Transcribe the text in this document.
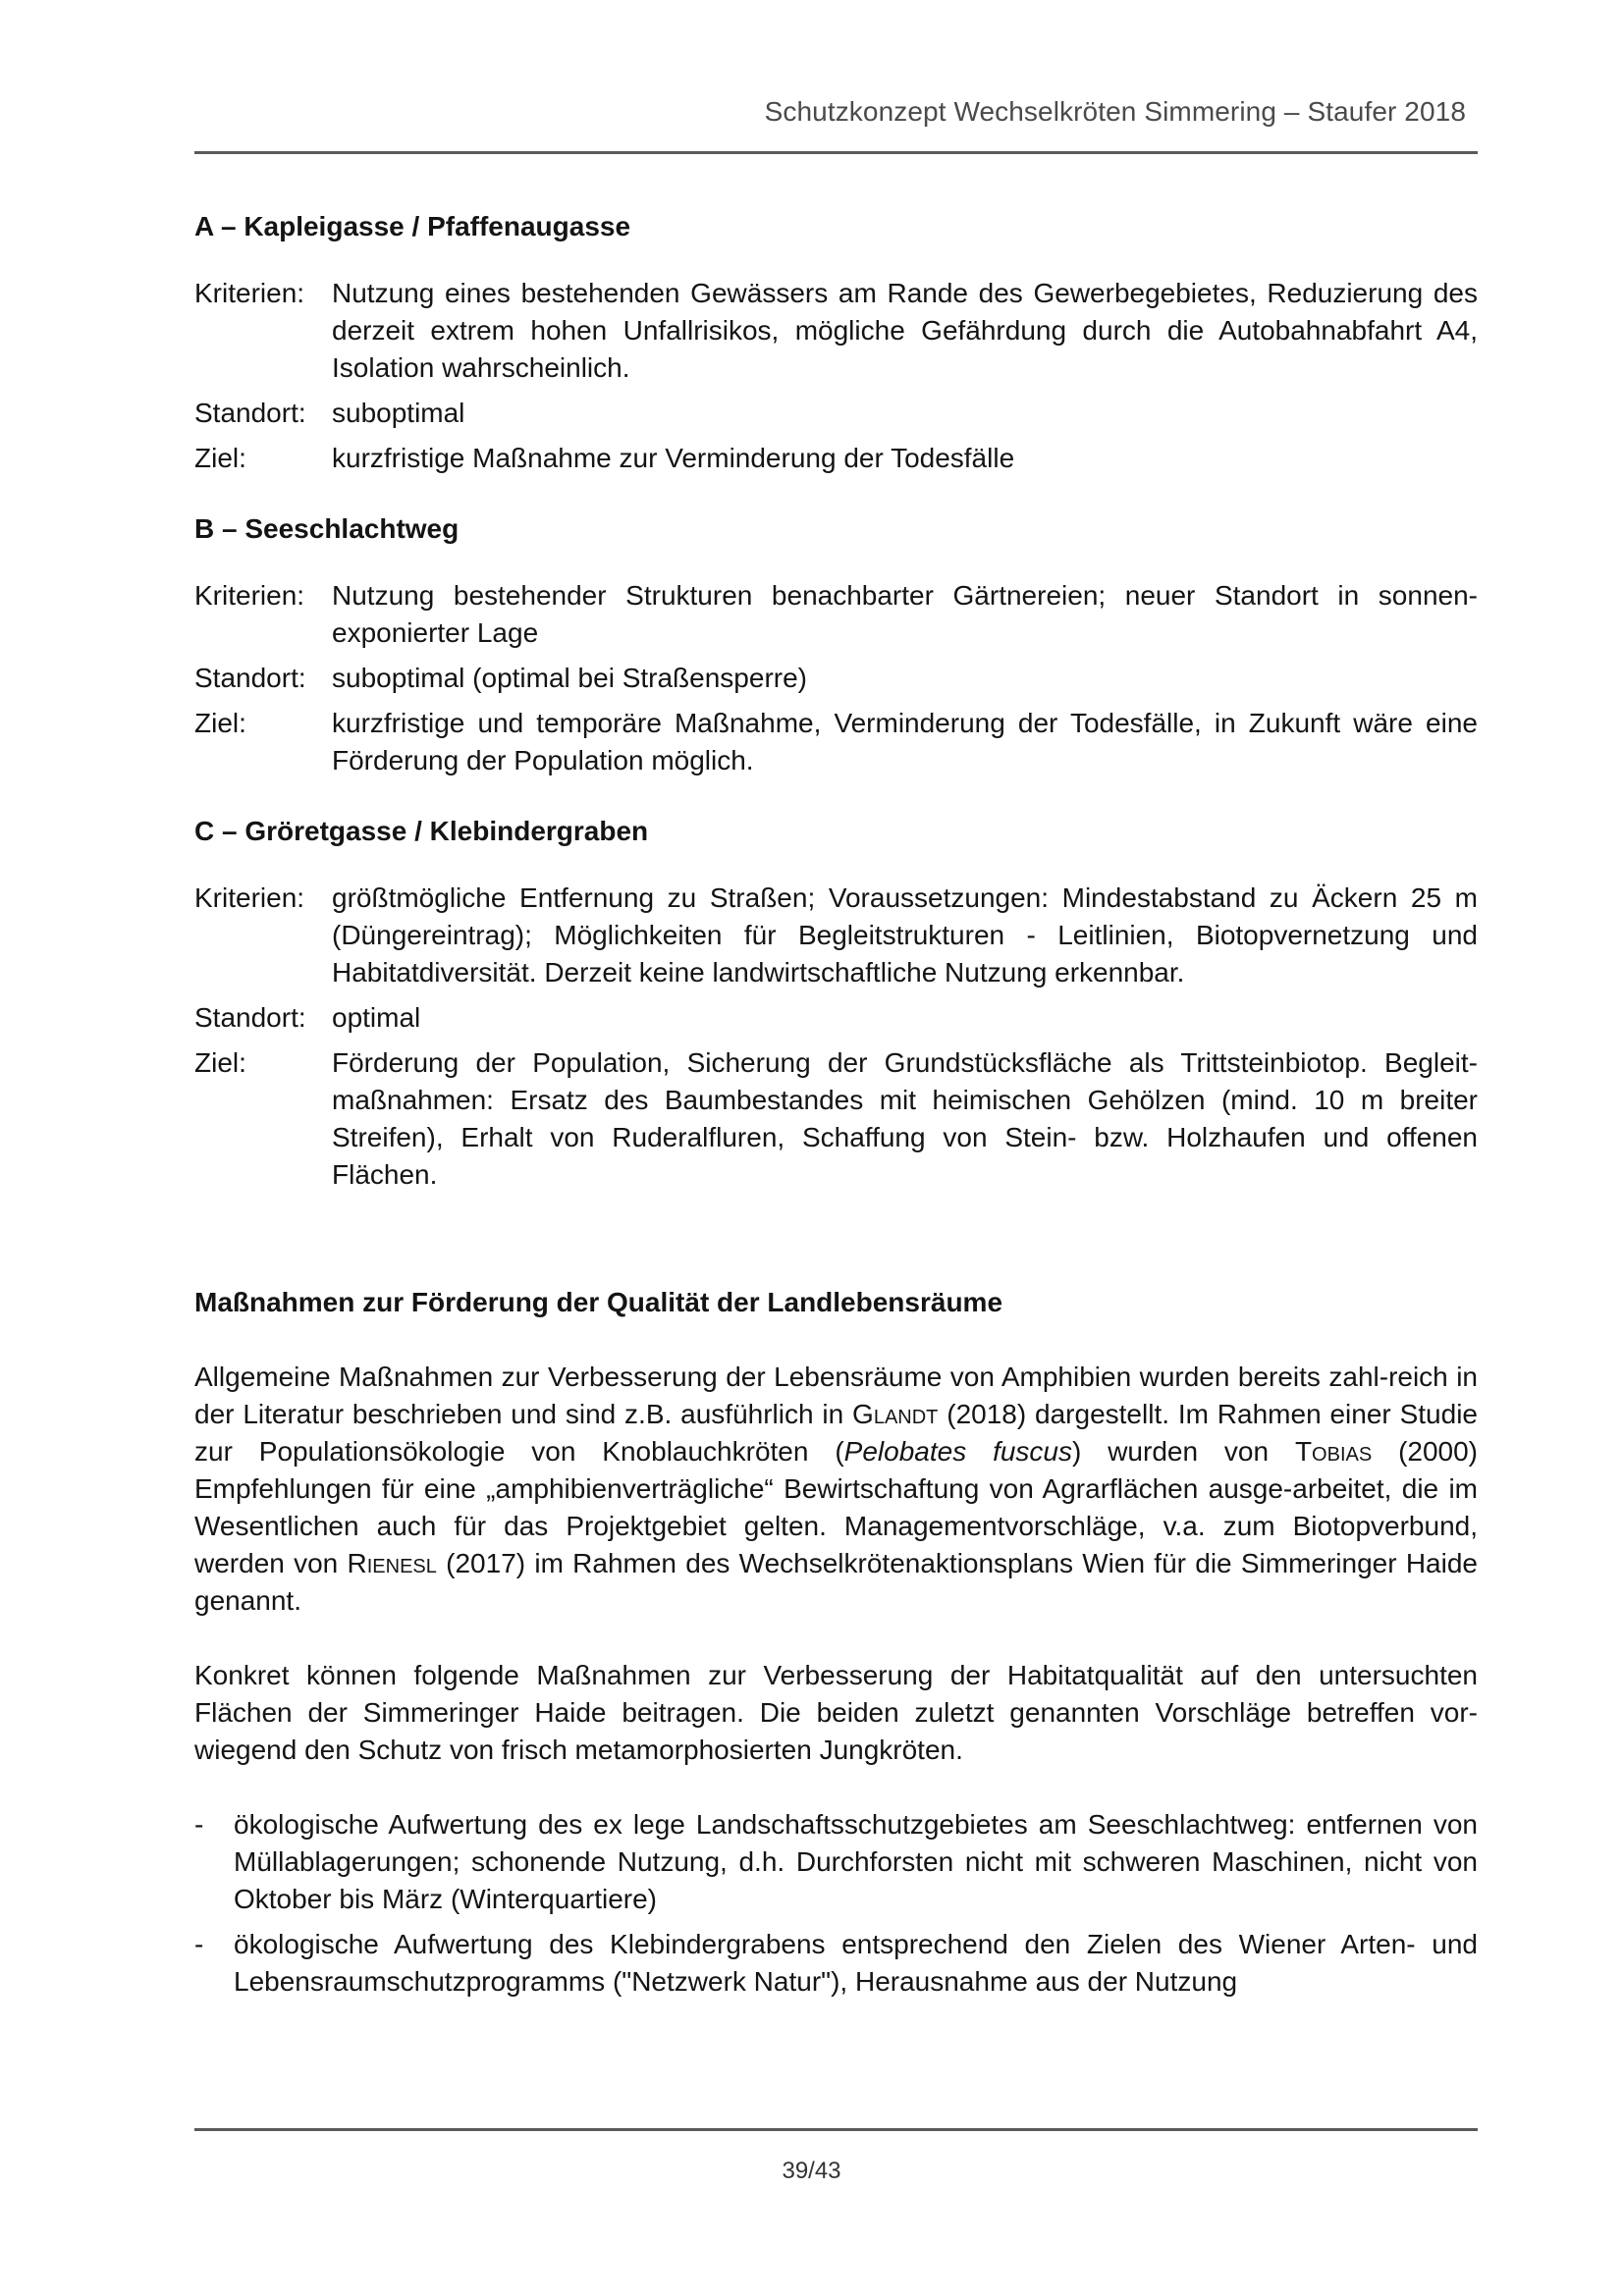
Schutzkonzept Wechselkröten Simmering – Staufer 2018
A – Kapleigasse / Pfaffenaugasse
Kriterien: Nutzung eines bestehenden Gewässers am Rande des Gewerbegebietes, Reduzierung des derzeit extrem hohen Unfallrisikos, mögliche Gefährdung durch die Autobahnabfahrt A4, Isolation wahrscheinlich.
Standort: suboptimal
Ziel:	kurzfristige Maßnahme zur Verminderung der Todesfälle
B – Seeschlachtweg
Kriterien: Nutzung bestehender Strukturen benachbarter Gärtnereien; neuer Standort in sonnen-exponierter Lage
Standort: suboptimal (optimal bei Straßensperre)
Ziel:	kurzfristige und temporäre Maßnahme, Verminderung der Todesfälle, in Zukunft wäre eine Förderung der Population möglich.
C – Gröretgasse / Klebindergraben
Kriterien: größtmögliche Entfernung zu Straßen; Voraussetzungen: Mindestabstand zu Äckern 25 m (Düngereintrag); Möglichkeiten für Begleitstrukturen - Leitlinien, Biotopvernetzung und Habitatdiversität. Derzeit keine landwirtschaftliche Nutzung erkennbar.
Standort: optimal
Ziel:	Förderung der Population, Sicherung der Grundstücksfläche als Trittsteinbiotop. Begleit-maßnahmen: Ersatz des Baumbestandes mit heimischen Gehölzen (mind. 10 m breiter Streifen), Erhalt von Ruderalfluren, Schaffung von Stein- bzw. Holzhaufen und offenen Flächen.
Maßnahmen zur Förderung der Qualität der Landlebensräume

Allgemeine Maßnahmen zur Verbesserung der Lebensräume von Amphibien wurden bereits zahl-reich in der Literatur beschrieben und sind z.B. ausführlich in Glandt (2018) dargestellt. Im Rahmen einer Studie zur Populationsökologie von Knoblauchkröten (Pelobates fuscus) wurden von Tobias (2000) Empfehlungen für eine „amphibienverträgliche“ Bewirtschaftung von Agrarflächen ausge-arbeitet, die im Wesentlichen auch für das Projektgebiet gelten. Managementvorschläge, v.a. zum Biotopverbund, werden von Rienesl (2017) im Rahmen des Wechselkrötenaktionsplans Wien für die Simmeringer Haide genannt.

Konkret können folgende Maßnahmen zur Verbesserung der Habitatqualität auf den untersuchten Flächen der Simmeringer Haide beitragen. Die beiden zuletzt genannten Vorschläge betreffen vor-wiegend den Schutz von frisch metamorphosierten Jungkröten.

-	ökologische Aufwertung des ex lege Landschaftsschutzgebietes am Seeschlachtweg: entfernen von Müllablagerungen; schonende Nutzung, d.h. Durchforsten nicht mit schweren Maschinen, nicht von Oktober bis März (Winterquartiere)
-	ökologische Aufwertung des Klebindergrabens entsprechend den Zielen des Wiener Arten- und Lebensraumschutzprogramms ("Netzwerk Natur"), Herausnahme aus der Nutzung
39/43
